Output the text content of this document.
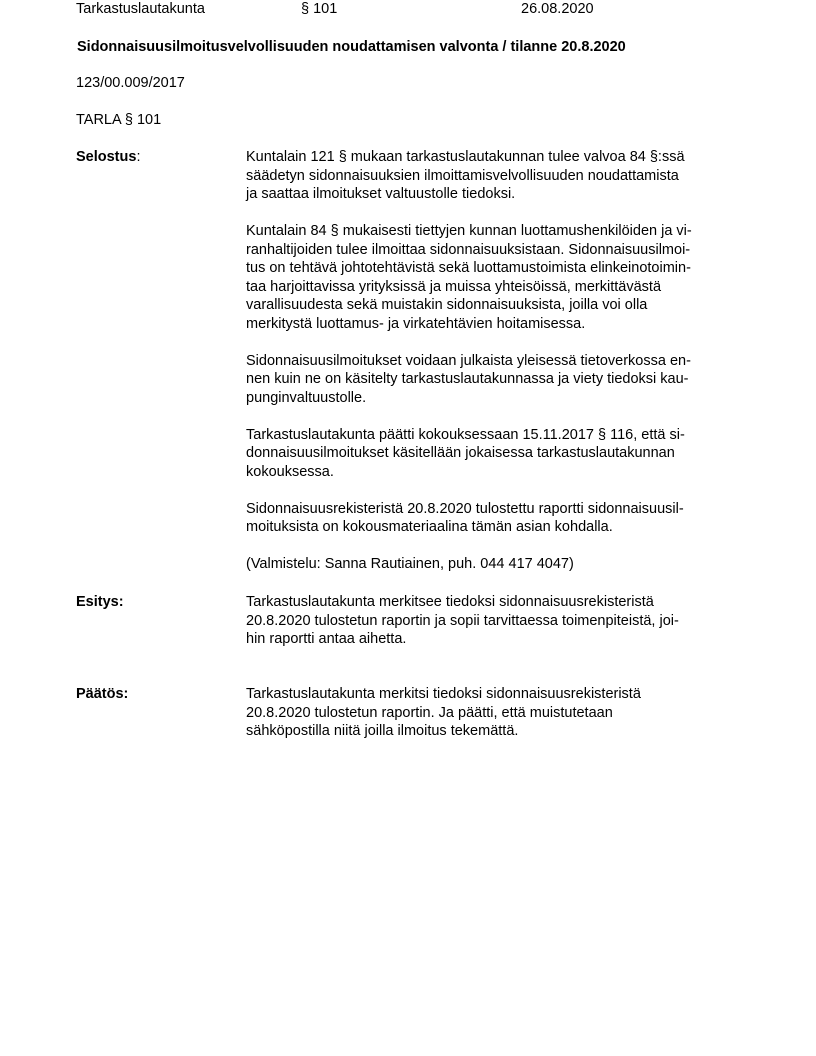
Tarkastuslautakunta	§ 101	26.08.2020
Sidonnaisuusilmoitusvelvollisuuden noudattamisen valvonta / tilanne 20.8.2020
123/00.009/2017
TARLA § 101
Selostus:	Kuntalain 121 § mukaan tarkastuslautakunnan tulee valvoa 84 §:ssä
säädetyn sidonnaisuuksien ilmoittamisvelvollisuuden noudattamista
ja saattaa ilmoitukset valtuustolle tiedoksi.

Kuntalain 84 § mukaisesti tiettyjen kunnan luottamushenkilöiden ja vi-
ranhaltijoiden tulee ilmoittaa sidonnaisuuksistaan. Sidonnaisuusilmoi-
tus on tehtävä johtotehtävistä sekä luottamustoimista elinkeinotoimin-
taa harjoittavissa yrityksissä ja muissa yhteisöissä, merkittävästä
varallisuudesta sekä muistakin sidonnaisuuksista, joilla voi olla
merkitystä luottamus- ja virkatehtävien hoitamisessa.

Sidonnaisuusilmoitukset voidaan julkaista yleisessä tietoverkossa en-
nen kuin ne on käsitelty tarkastuslautakunnassa ja viety tiedoksi kau-
punginvaltuustolle.

Tarkastuslautakunta päätti kokouksessaan 15.11.2017 § 116, että si-
donnaisuusilmoitukset käsitellään jokaisessa tarkastuslautakunnan
kokouksessa.

Sidonnaisuusrekisteristä 20.8.2020 tulostettu raportti sidonnaisuusil-
moituksista on kokousmateriaalina tämän asian kohdalla.

(Valmistelu: Sanna Rautiainen, puh. 044 417 4047)

Esitys:	Tarkastuslautakunta merkitsee tiedoksi sidonnaisuusrekisteristä
20.8.2020 tulostetun raportin ja sopii tarvittaessa toimenpiteistä, joi-
hin raportti antaa aihetta.

Päätös:	Tarkastuslautakunta merkitsi tiedoksi sidonnaisuusrekisteristä
20.8.2020 tulostetun raportin. Ja päätti, että muistutetaan
sähköpostilla niitä joilla ilmoitus tekemättä.
